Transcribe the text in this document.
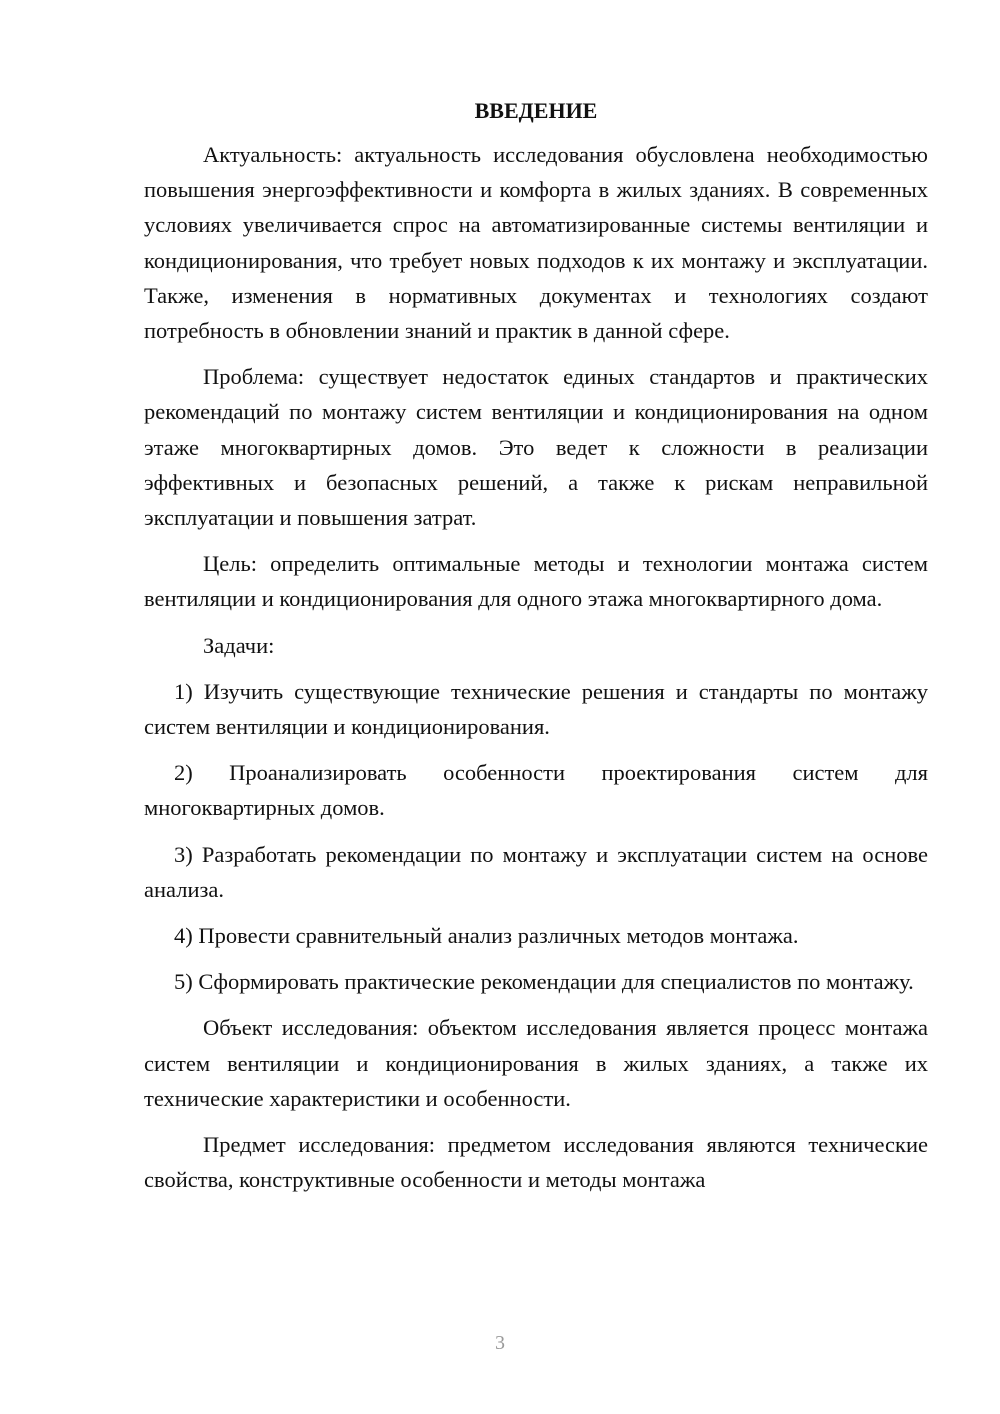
ВВЕДЕНИЕ

Актуальность: актуальность исследования обусловлена необходимостью повышения энергоэффективности и комфорта в жилых зданиях. В современных условиях увеличивается спрос на автоматизированные системы вентиляции и кондиционирования, что требует новых подходов к их монтажу и эксплуатации. Также, изменения в нормативных документах и технологиях создают потребность в обновлении знаний и практик в данной сфере.

Проблема: существует недостаток единых стандартов и практических рекомендаций по монтажу систем вентиляции и кондиционирования на одном этаже многоквартирных домов. Это ведет к сложности в реализации эффективных и безопасных решений, а также к рискам неправильной эксплуатации и повышения затрат.

Цель: определить оптимальные методы и технологии монтажа систем вентиляции и кондиционирования для одного этажа многоквартирного дома.

Задачи:

1) Изучить существующие технические решения и стандарты по монтажу систем вентиляции и кондиционирования.

2) Проанализировать особенности проектирования систем для многоквартирных домов.

3) Разработать рекомендации по монтажу и эксплуатации систем на основе анализа.

4) Провести сравнительный анализ различных методов монтажа.

5) Сформировать практические рекомендации для специалистов по монтажу.

Объект исследования: объектом исследования является процесс монтажа систем вентиляции и кондиционирования в жилых зданиях, а также их технические характеристики и особенности.

Предмет исследования: предметом исследования являются технические свойства, конструктивные особенности и методы монтажа

3
